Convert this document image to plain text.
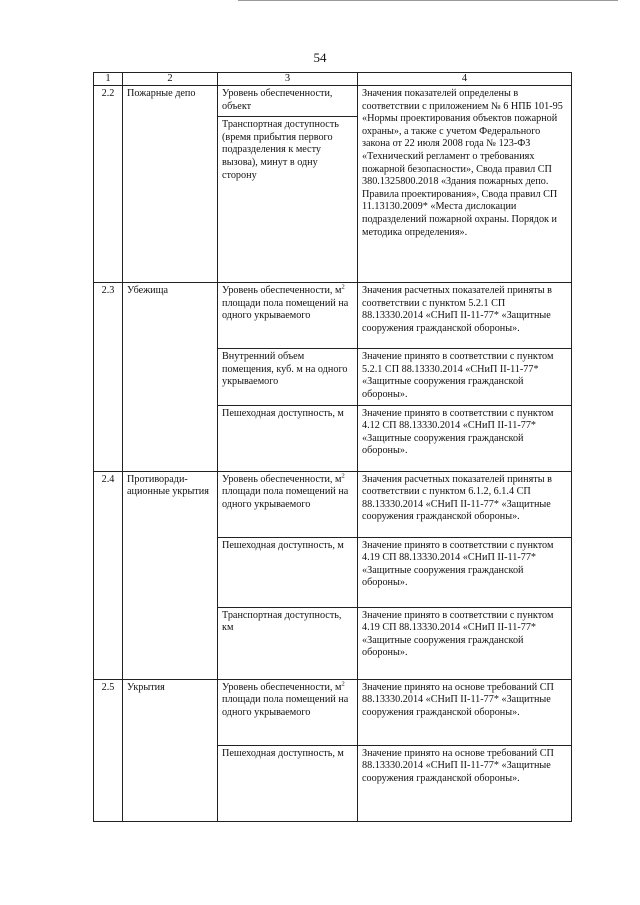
54
1	2	3	4
2.2	Пожарные депо	Уровень обеспеченности, объект	Значения показателей определены в соответствии с приложением № 6 НПБ 101-95 «Нормы проектирования объектов пожарной охраны», а также с учетом Федерального закона от 22 июля 2008 года № 123-ФЗ «Технический регламент о требованиях пожарной безопасности», Свода правил СП 380.1325800.2018 «Здания пожарных депо. Правила проектирования», Свода правил СП 11.13130.2009* «Места дислокации подразделений пожарной охраны. Порядок и методика определения».
		Транспортная доступность (время прибытия первого подразделения к месту вызова), минут в одну сторону	
2.3	Убежища	Уровень обеспеченности, $м^2$ площади пола помещений на одного укрываемого	Значения расчетных показателей приняты в соответствии с пунктом 5.2.1 СП 88.13330.2014 «СНиП II-11-77* «Защитные сооружения гражданской обороны».
		Внутренний объем помещения, куб. м на одного укрываемого	Значение принято в соответствии с пунктом 5.2.1 СП 88.13330.2014 «СНиП II-11-77* «Защитные сооружения гражданской обороны».
		Пешеходная доступность, м	Значение принято в соответствии с пунктом 4.12 СП 88.13330.2014 «СНиП II-11-77* «Защитные сооружения гражданской обороны».
2.4	Противоради-ационные укрытия	Уровень обеспеченности, $м^2$ площади пола помещений на одного укрываемого	Значения расчетных показателей приняты в соответствии с пунктом 6.1.2, 6.1.4 СП 88.13330.2014 «СНиП II-11-77* «Защитные сооружения гражданской обороны».
		Пешеходная доступность, м	Значение принято в соответствии с пунктом 4.19 СП 88.13330.2014 «СНиП II-11-77* «Защитные сооружения гражданской обороны».
		Транспортная доступность, км	Значение принято в соответствии с пунктом 4.19 СП 88.13330.2014 «СНиП II-11-77* «Защитные сооружения гражданской обороны».
2.5	Укрытия	Уровень обеспеченности, $м^2$ площади пола помещений на одного укрываемого	Значение принято на основе требований СП 88.13330.2014 «СНиП II-11-77* «Защитные сооружения гражданской обороны».
		Пешеходная доступность, м	Значение принято на основе требований СП 88.13330.2014 «СНиП II-11-77* «Защитные сооружения гражданской обороны».
